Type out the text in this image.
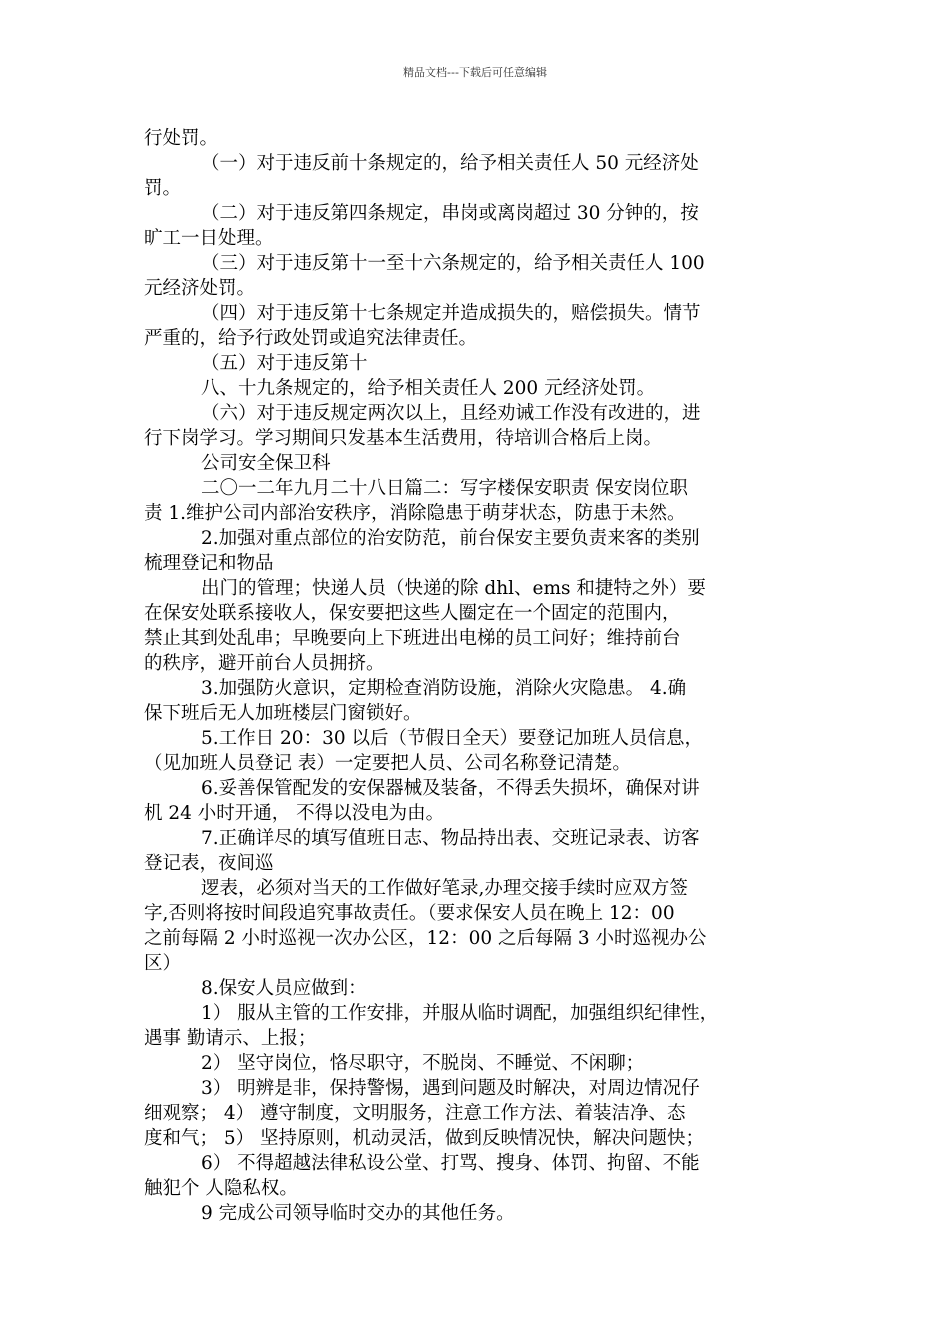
精品文档---下载后可任意编辑
行处罚。
（一）对于违反前十条规定的，给予相关责任人 50 元经济处
罚。
（二）对于违反第四条规定，串岗或离岗超过 30 分钟的，按
旷工一日处理。
（三）对于违反第十一至十六条规定的，给予相关责任人 100
元经济处罚。
（四）对于违反第十七条规定并造成损失的，赔偿损失。情节
严重的，给予行政处罚或追究法律责任。
（五）对于违反第十
八、十九条规定的，给予相关责任人 200 元经济处罚。
（六）对于违反规定两次以上，且经劝诫工作没有改进的，进
行下岗学习。学习期间只发基本生活费用，待培训合格后上岗。
公司安全保卫科
二〇一二年九月二十八日篇二：写字楼保安职责 保安岗位职
责 1.维护公司内部治安秩序，消除隐患于萌芽状态，防患于未然。
2.加强对重点部位的治安防范，前台保安主要负责来客的类别
梳理登记和物品
出门的管理；快递人员（快递的除 dhl、ems 和捷特之外）要
在保安处联系接收人，保安要把这些人圈定在一个固定的范围内，
禁止其到处乱串；早晚要向上下班进出电梯的员工问好；维持前台
的秩序，避开前台人员拥挤。
3.加强防火意识，定期检查消防设施，消除火灾隐患。 4.确
保下班后无人加班楼层门窗锁好。
5.工作日 20：30 以后（节假日全天）要登记加班人员信息，
（见加班人员登记 表）一定要把人员、公司名称登记清楚。
6.妥善保管配发的安保器械及装备，不得丢失损坏，确保对讲
机 24 小时开通， 不得以没电为由。
7.正确详尽的填写值班日志、物品持出表、交班记录表、访客
登记表，夜间巡
逻表，必须对当天的工作做好笔录,办理交接手续时应双方签
字,否则将按时间段追究事故责任。（要求保安人员在晚上 12：00
之前每隔 2 小时巡视一次办公区，12：00 之后每隔 3 小时巡视办公
区）
8.保安人员应做到：
1） 服从主管的工作安排，并服从临时调配，加强组织纪律性，
遇事 勤请示、上报；
2） 坚守岗位，恪尽职守，不脱岗、不睡觉、不闲聊；
3） 明辨是非，保持警惕，遇到问题及时解决，对周边情况仔
细观察； 4） 遵守制度，文明服务，注意工作方法、着装洁净、态
度和气； 5） 坚持原则，机动灵活，做到反映情况快，解决问题快；
6） 不得超越法律私设公堂、打骂、搜身、体罚、拘留、不能
触犯个 人隐私权。
9 完成公司领导临时交办的其他任务。
